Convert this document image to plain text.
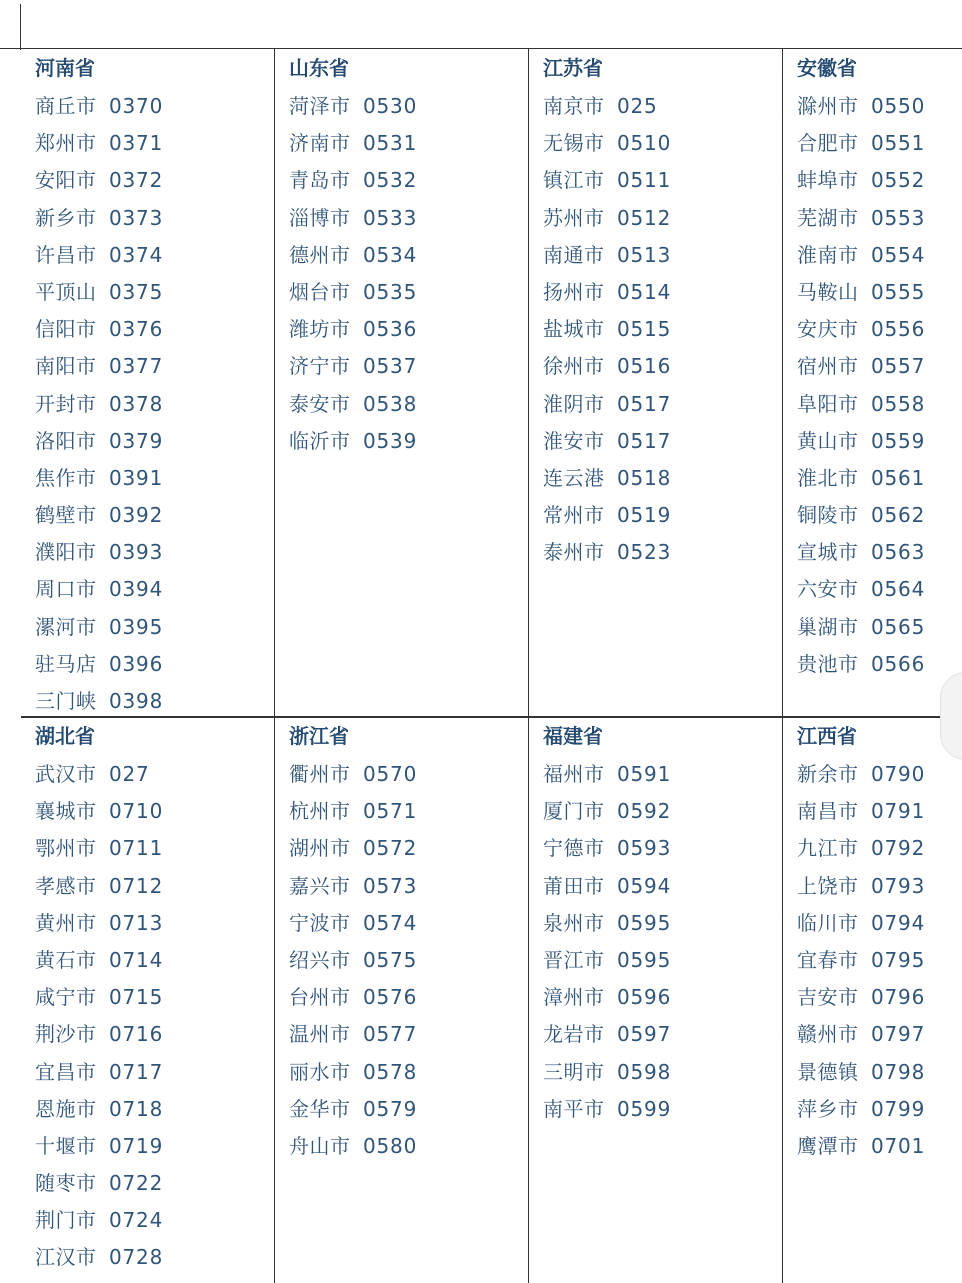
河南省
商丘市 0370
郑州市 0371
安阳市 0372
新乡市 0373
许昌市 0374
平顶山 0375
信阳市 0376
南阳市 0377
开封市 0378
洛阳市 0379
焦作市 0391
鹤壁市 0392
濮阳市 0393
周口市 0394
漯河市 0395
驻马店 0396
三门峡 0398
山东省
菏泽市 0530
济南市 0531
青岛市 0532
淄博市 0533
德州市 0534
烟台市 0535
潍坊市 0536
济宁市 0537
泰安市 0538
临沂市 0539
江苏省
南京市 025
无锡市 0510
镇江市 0511
苏州市 0512
南通市 0513
扬州市 0514
盐城市 0515
徐州市 0516
淮阴市 0517
淮安市 0517
连云港 0518
常州市 0519
泰州市 0523
安徽省
滁州市 0550
合肥市 0551
蚌埠市 0552
芜湖市 0553
淮南市 0554
马鞍山 0555
安庆市 0556
宿州市 0557
阜阳市 0558
黄山市 0559
淮北市 0561
铜陵市 0562
宣城市 0563
六安市 0564
巢湖市 0565
贵池市 0566
湖北省
武汉市 027
襄城市 0710
鄂州市 0711
孝感市 0712
黄州市 0713
黄石市 0714
咸宁市 0715
荆沙市 0716
宜昌市 0717
恩施市 0718
十堰市 0719
随枣市 0722
荆门市 0724
江汉市 0728
浙江省
衢州市 0570
杭州市 0571
湖州市 0572
嘉兴市 0573
宁波市 0574
绍兴市 0575
台州市 0576
温州市 0577
丽水市 0578
金华市 0579
舟山市 0580
福建省
福州市 0591
厦门市 0592
宁德市 0593
莆田市 0594
泉州市 0595
晋江市 0595
漳州市 0596
龙岩市 0597
三明市 0598
南平市 0599
江西省
新余市 0790
南昌市 0791
九江市 0792
上饶市 0793
临川市 0794
宜春市 0795
吉安市 0796
赣州市 0797
景德镇 0798
萍乡市 0799
鹰潭市 0701
